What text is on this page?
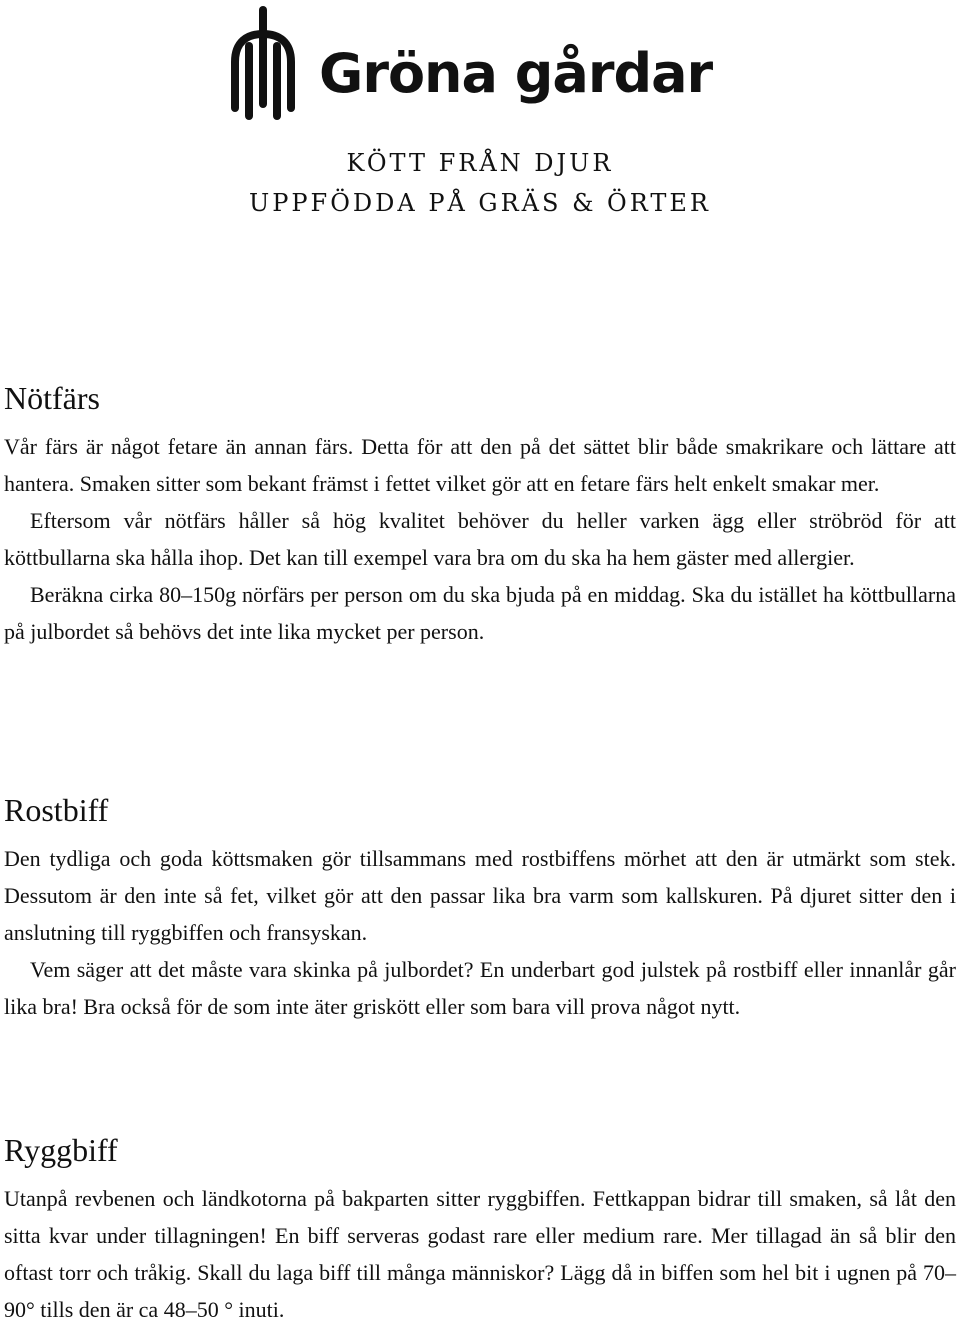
Gröna gårdar
KÖTT FRÅN DJUR
UPPFÖDDA PÅ GRÄS & ÖRTER
Nötfärs

Vår färs är något fetare än annan färs. Detta för att den på det sättet blir både smakrikare och lättare att hantera. Smaken sitter som bekant främst i fettet vilket gör att en fetare färs helt enkelt smakar mer.

Eftersom vår nötfärs håller så hög kvalitet behöver du heller varken ägg eller ströbröd för att köttbullarna ska hålla ihop. Det kan till exempel vara bra om du ska ha hem gäster med allergier.

Beräkna cirka 80–150g nörfärs per person om du ska bjuda på en middag. Ska du istället ha köttbullarna på julbordet så behövs det inte lika mycket per person.

Rostbiff

Den tydliga och goda köttsmaken gör tillsammans med rostbiffens mörhet att den är utmärkt som stek. Dessutom är den inte så fet, vilket gör att den passar lika bra varm som kallskuren. På djuret sitter den i anslutning till ryggbiffen och fransyskan.

Vem säger att det måste vara skinka på julbordet? En underbart god julstek på rostbiff eller innanlår går lika bra! Bra också för de som inte äter griskött eller som bara vill prova något nytt.

Ryggbiff

Utanpå revbenen och ländkotorna på bakparten sitter ryggbiffen. Fettkappan bidrar till smaken, så låt den sitta kvar under tillagningen! En biff serveras godast rare eller medium rare. Mer tillagad än så blir den oftast torr och tråkig. Skall du laga biff till många människor? Lägg då in biffen som hel bit i ugnen på 70–90° tills den är ca 48–50 ° inuti.
